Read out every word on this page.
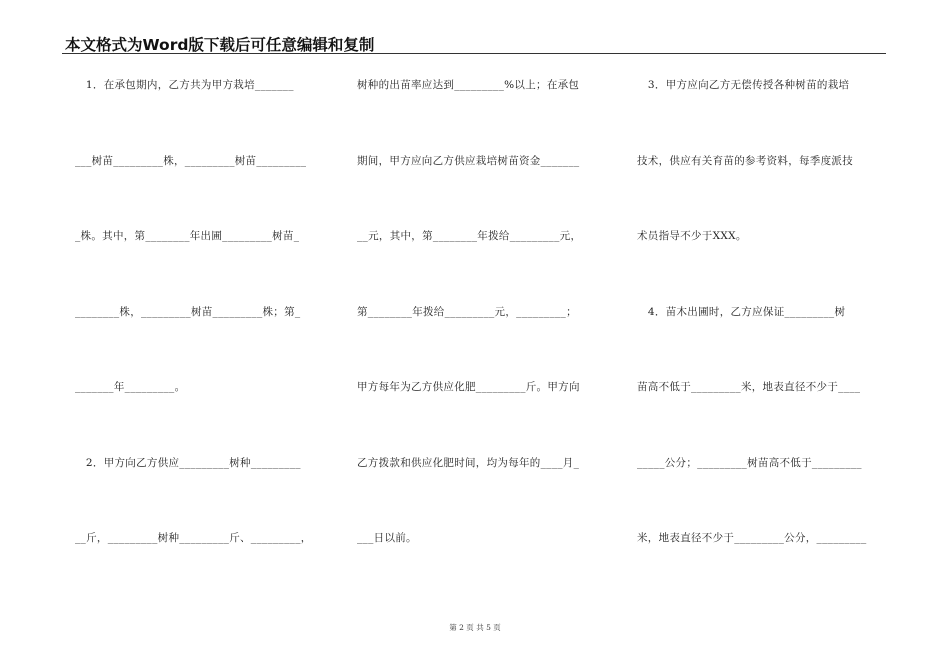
本文格式为Word版下载后可任意编辑和复制

1．在承包期内，乙方共为甲方栽培_______

___树苗_________株，_________树苗_________

_株。其中，第________年出圃_________树苗_

________株，_________树苗_________株；第_

_______年_________。

2．甲方向乙方供应_________树种_________

__斤，_________树种_________斤、_________，

树种的出苗率应达到_________%以上；在承包

期间，甲方应向乙方供应栽培树苗资金_______

__元，其中，第________年拨给_________元，

第________年拨给_________元，_________；

甲方每年为乙方供应化肥_________斤。甲方向

乙方拨款和供应化肥时间，均为每年的____月_

___日以前。

3．甲方应向乙方无偿传授各种树苗的栽培

技术，供应有关育苗的参考资料，每季度派技

术员指导不少于XXX。

4．苗木出圃时，乙方应保证_________树

苗高不低于_________米，地表直径不少于____

_____公分；_________树苗高不低于_________

米，地表直径不少于_________公分，_________

第 2 页 共 5 页
